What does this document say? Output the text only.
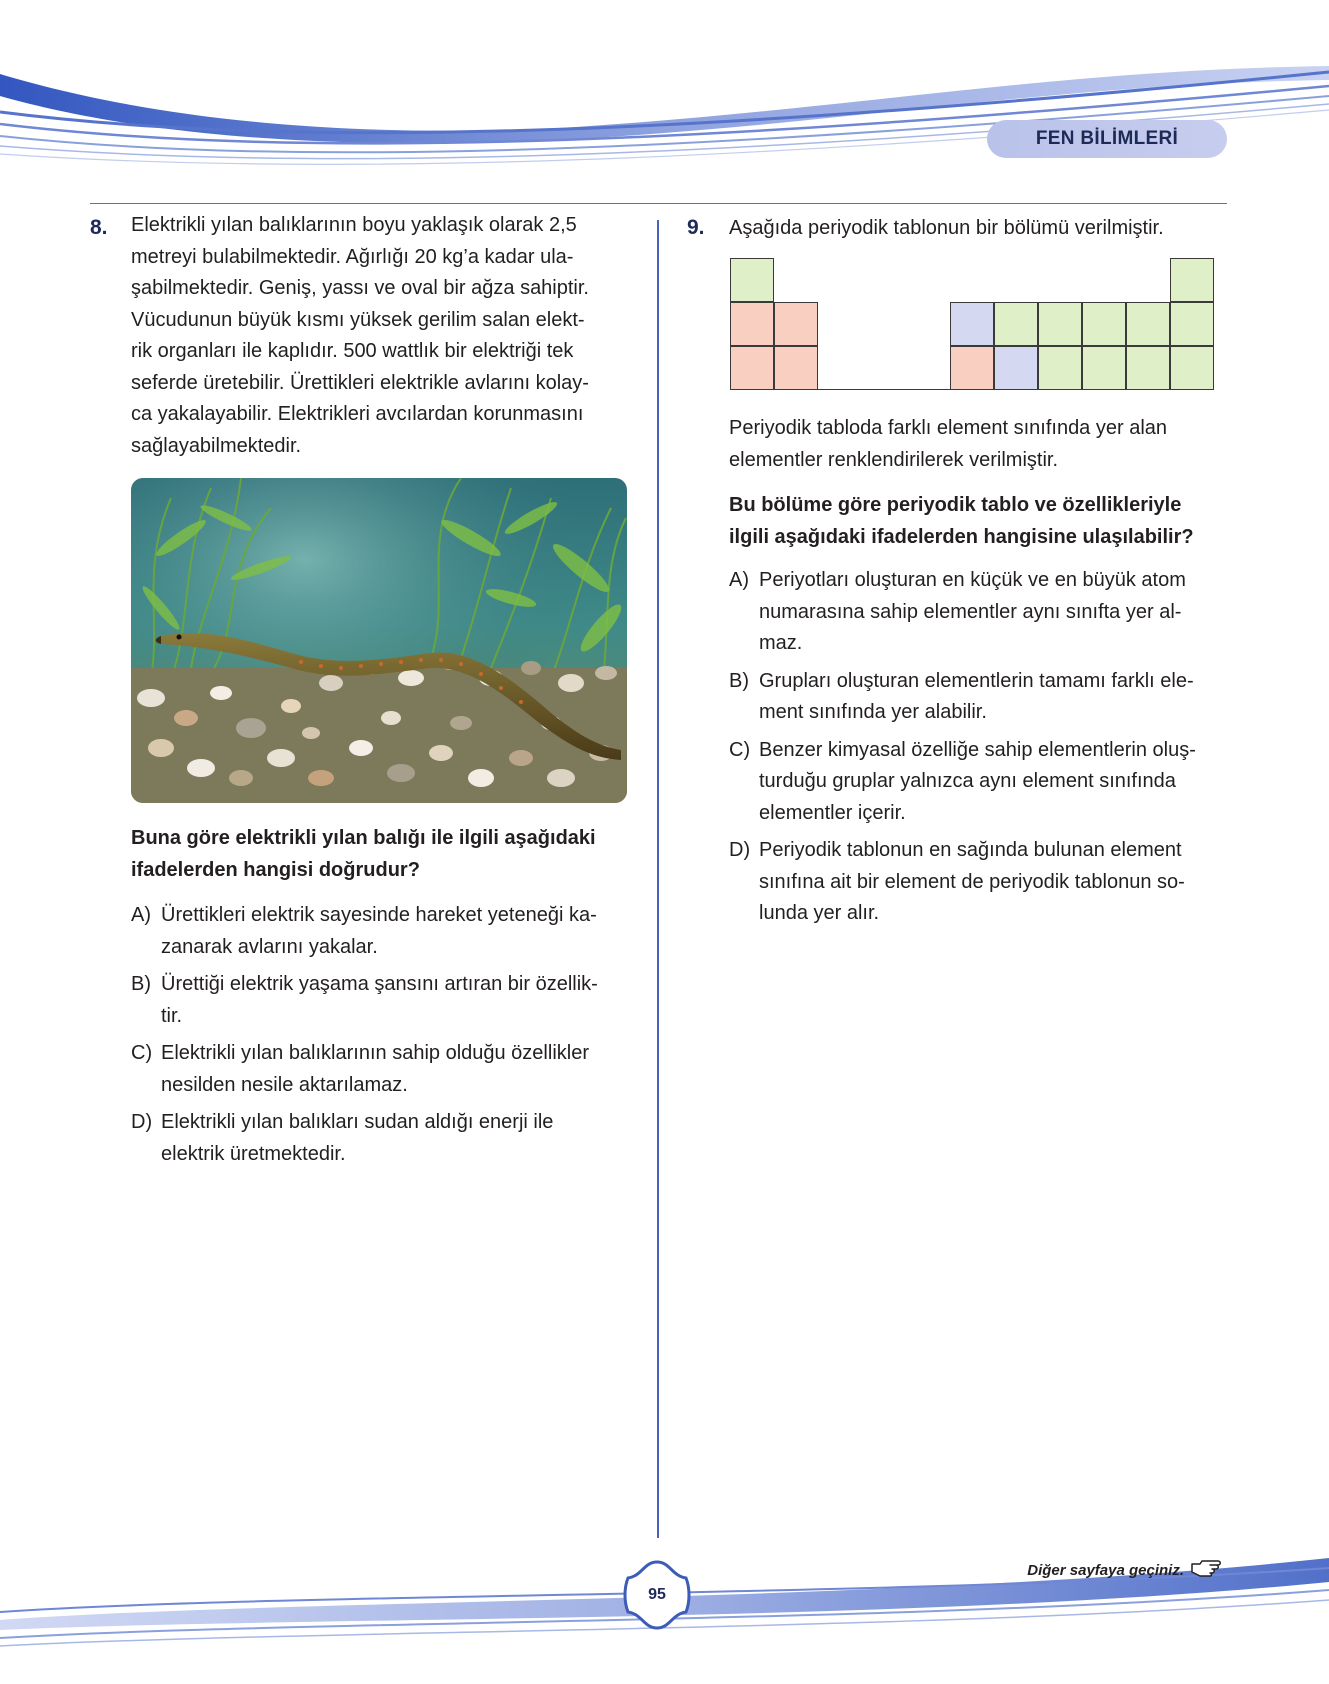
FEN BİLİMLERİ
8. Elektrikli yılan balıklarının boyu yaklaşık olarak 2,5

metreyi bulabilmektedir. Ağırlığı 20 kg’a kadar ula-

şabilmektedir. Geniş, yassı ve oval bir ağza sahiptir.

Vücudunun büyük kısmı yüksek gerilim salan elekt-

rik organları ile kaplıdır. 500 wattlık bir elektriği tek

seferde üretebilir. Ürettikleri elektrikle avlarını kolay-

ca yakalayabilir. Elektrikleri avcılardan korunmasını

sağlayabilmektedir.

Buna göre elektrikli yılan balığı ile ilgili aşağıdaki

ifadelerden hangisi doğrudur?

A) Ürettikleri elektrik sayesinde hareket yeteneği ka-
zanarak avlarını yakalar.
B) Ürettiği elektrik yaşama şansını artıran bir özellik-
tir.
C) Elektrikli yılan balıklarının sahip olduğu özellikler
nesilden nesile aktarılamaz.
D) Elektrikli yılan balıkları sudan aldığı enerji ile
elektrik üretmektedir.
9. Aşağıda periyodik tablonun bir bölümü verilmiştir.

Periyodik tabloda farklı element sınıfında yer alan

elementler renklendirilerek verilmiştir.

Bu bölüme göre periyodik tablo ve özellikleriyle

ilgili aşağıdaki ifadelerden hangisine ulaşılabilir?

A) Periyotları oluşturan en küçük ve en büyük atom
numarasına sahip elementler aynı sınıfta yer al-
maz.
B) Grupları oluşturan elementlerin tamamı farklı ele-
ment sınıfında yer alabilir.
C) Benzer kimyasal özelliğe sahip elementlerin oluş-
turduğu gruplar yalnızca aynı element sınıfında
elementler içerir.
D) Periyodik tablonun en sağında bulunan element
sınıfına ait bir element de periyodik tablonun so-
lunda yer alır.
95
Diğer sayfaya geçiniz.
